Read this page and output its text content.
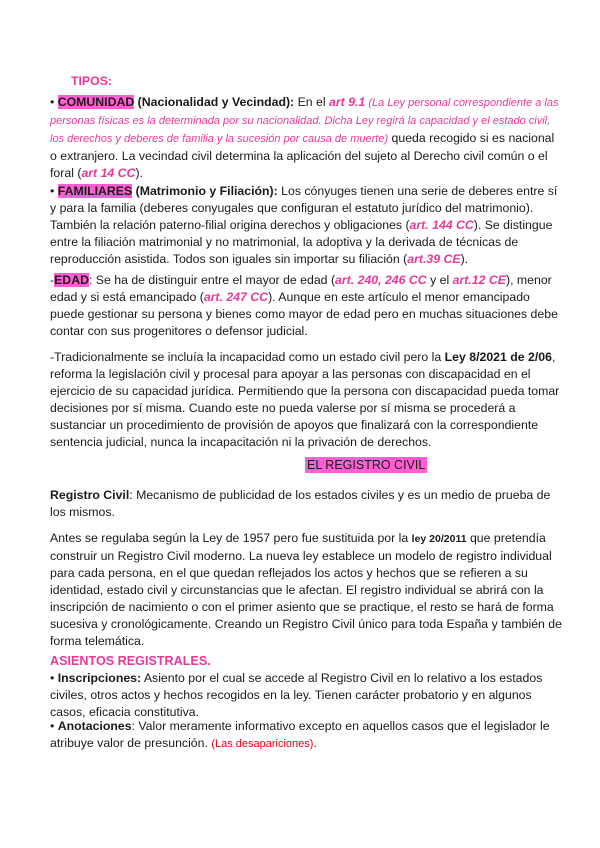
TIPOS:
• COMUNIDAD (Nacionalidad y Vecindad): En el art 9.1 (La Ley personal correspondiente a las personas físicas es la determinada por su nacionalidad. Dicha Ley regirá la capacidad y el estado civil, los derechos y deberes de familia y la sucesión por causa de muerte) queda recogido si es nacional o extranjero. La vecindad civil determina la aplicación del sujeto al Derecho civil común o el foral (art 14 CC).
• FAMILIARES (Matrimonio y Filiación): Los cónyuges tienen una serie de deberes entre sí y para la familia (deberes conyugales que configuran el estatuto jurídico del matrimonio). También la relación paterno-filial origina derechos y obligaciones (art. 144 CC). Se distingue entre la filiación matrimonial y no matrimonial, la adoptiva y la derivada de técnicas de reproducción asistida. Todos son iguales sin importar su filiación (art.39 CE).
-EDAD: Se ha de distinguir entre el mayor de edad (art. 240, 246 CC y el art.12 CE), menor edad y si está emancipado (art. 247 CC). Aunque en este artículo el menor emancipado puede gestionar su persona y bienes como mayor de edad pero en muchas situaciones debe contar con sus progenitores o defensor judicial.
-Tradicionalmente se incluía la incapacidad como un estado civil pero la Ley 8/2021 de 2/06, reforma la legislación civil y procesal para apoyar a las personas con discapacidad en el ejercicio de su capacidad jurídica. Permitiendo que la persona con discapacidad pueda tomar decisiones por sí misma. Cuando este no pueda valerse por sí misma se procederá a sustanciar un procedimiento de provisión de apoyos que finalizará con la correspondiente sentencia judicial, nunca la incapacitación ni la privación de derechos.
EL REGISTRO CIVIL
Registro Civil: Mecanismo de publicidad de los estados civiles y es un medio de prueba de los mismos.
Antes se regulaba según la Ley de 1957 pero fue sustituida por la ley 20/2011 que pretendía construir un Registro Civil moderno. La nueva ley establece un modelo de registro individual para cada persona, en el que quedan reflejados los actos y hechos que se refieren a su identidad, estado civil y circunstancias que le afectan. El registro individual se abrirá con la inscripción de nacimiento o con el primer asiento que se practique, el resto se hará de forma sucesiva y cronológicamente. Creando un Registro Civil único para toda España y también de forma telemática.
ASIENTOS REGISTRALES.
• Inscripciones: Asiento por el cual se accede al Registro Civil en lo relativo a los estados civiles, otros actos y hechos recogidos en la ley. Tienen carácter probatorio y en algunos casos, eficacia constitutiva.
• Anotaciones: Valor meramente informativo excepto en aquellos casos que el legislador le atribuye valor de presunción. (Las desapariciones).
